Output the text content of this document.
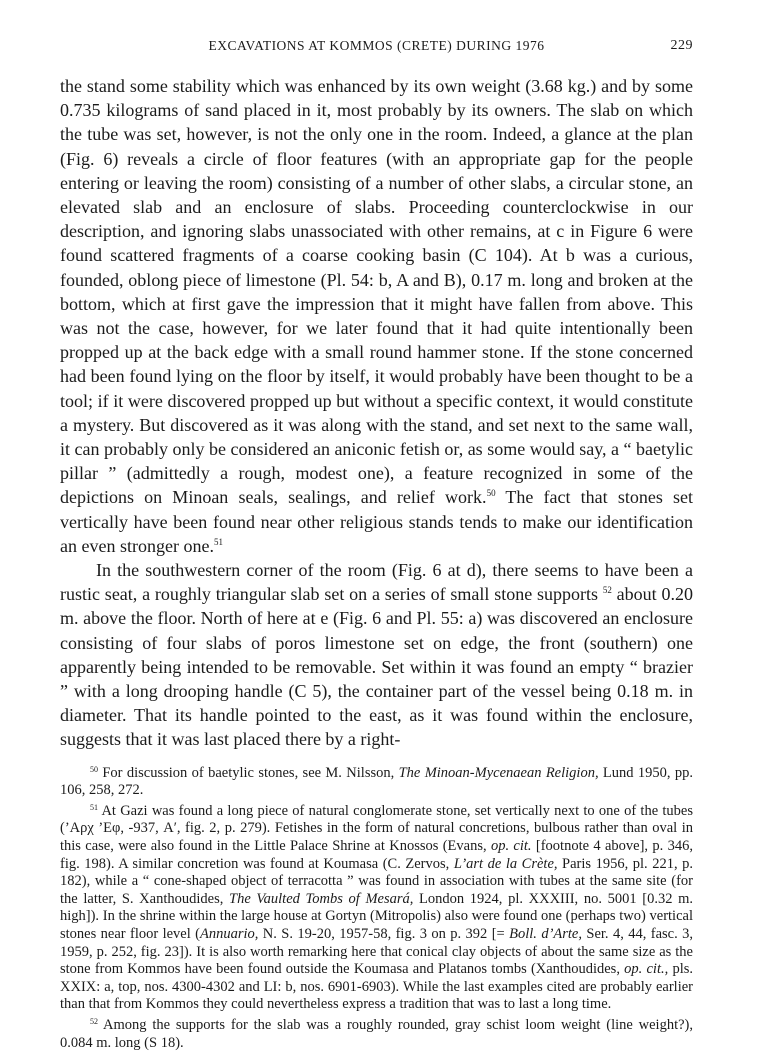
EXCAVATIONS AT KOMMOS (CRETE) DURING 1976	229

the stand some stability which was enhanced by its own weight (3.68 kg.) and by some 0.735 kilograms of sand placed in it, most probably by its owners. The slab on which the tube was set, however, is not the only one in the room. Indeed, a glance at the plan (Fig. 6) reveals a circle of floor features (with an appropriate gap for the people entering or leaving the room) consisting of a number of other slabs, a circular stone, an elevated slab and an enclosure of slabs. Proceeding counterclockwise in our description, and ignoring slabs unassociated with other remains, at c in Figure 6 were found scattered fragments of a coarse cooking basin (C 104). At b was a curious, founded, oblong piece of limestone (Pl. 54: b, A and B), 0.17 m. long and broken at the bottom, which at first gave the impression that it might have fallen from above. This was not the case, however, for we later found that it had quite intentionally been propped up at the back edge with a small round hammer stone. If the stone concerned had been found lying on the floor by itself, it would probably have been thought to be a tool; if it were discovered propped up but without a specific context, it would constitute a mystery. But discovered as it was along with the stand, and set next to the same wall, it can probably only be considered an aniconic fetish or, as some would say, a “ baetylic pillar ” (admittedly a rough, modest one), a feature recognized in some of the depictions on Minoan seals, sealings, and relief work.$^{50}$ The fact that stones set vertically have been found near other religious stands tends to make our identification an even stronger one.$^{51}$

In the southwestern corner of the room (Fig. 6 at d), there seems to have been a rustic seat, a roughly triangular slab set on a series of small stone supports $^{52}$ about 0.20 m. above the floor. North of here at e (Fig. 6 and Pl. 55: a) was discovered an enclosure consisting of four slabs of poros limestone set on edge, the front (southern) one apparently being intended to be removable. Set within it was found an empty “ brazier ” with a long drooping handle (C 5), the container part of the vessel being 0.18 m. in diameter. That its handle pointed to the east, as it was found within the enclosure, suggests that it was last placed there by a right-

$^{50}$ For discussion of baetylic stones, see M. Nilsson, The Minoan-Mycenaean Religion, Lund 1950, pp. 106, 258, 272.

$^{51}$ At Gazi was found a long piece of natural conglomerate stone, set vertically next to one of the tubes (’Aρχ ’Eφ, -937, A′, fig. 2, p. 279). Fetishes in the form of natural concretions, bulbous rather than oval in this case, were also found in the Little Palace Shrine at Knossos (Evans, op. cit. [footnote 4 above], p. 346, fig. 198). A similar concretion was found at Koumasa (C. Zervos, L’art de la Crète, Paris 1956, pl. 221, p. 182), while a “ cone-shaped object of terracotta ” was found in association with tubes at the same site (for the latter, S. Xanthoudides, The Vaulted Tombs of Mesará, London 1924, pl. XXXIII, no. 5001 [0.32 m. high]). In the shrine within the large house at Gortyn (Mitropolis) also were found one (perhaps two) vertical stones near floor level (Annuario, N. S. 19-20, 1957-58, fig. 3 on p. 392 [= Boll. d’Arte, Ser. 4, 44, fasc. 3, 1959, p. 252, fig. 23]). It is also worth remarking here that conical clay objects of about the same size as the stone from Kommos have been found outside the Koumasa and Platanos tombs (Xanthoudides, op. cit., pls. XXIX: a, top, nos. 4300-4302 and LI: b, nos. 6901-6903). While the last examples cited are probably earlier than that from Kommos they could nevertheless express a tradition that was to last a long time.

$^{52}$ Among the supports for the slab was a roughly rounded, gray schist loom weight (line weight?), 0.084 m. long (S 18).
